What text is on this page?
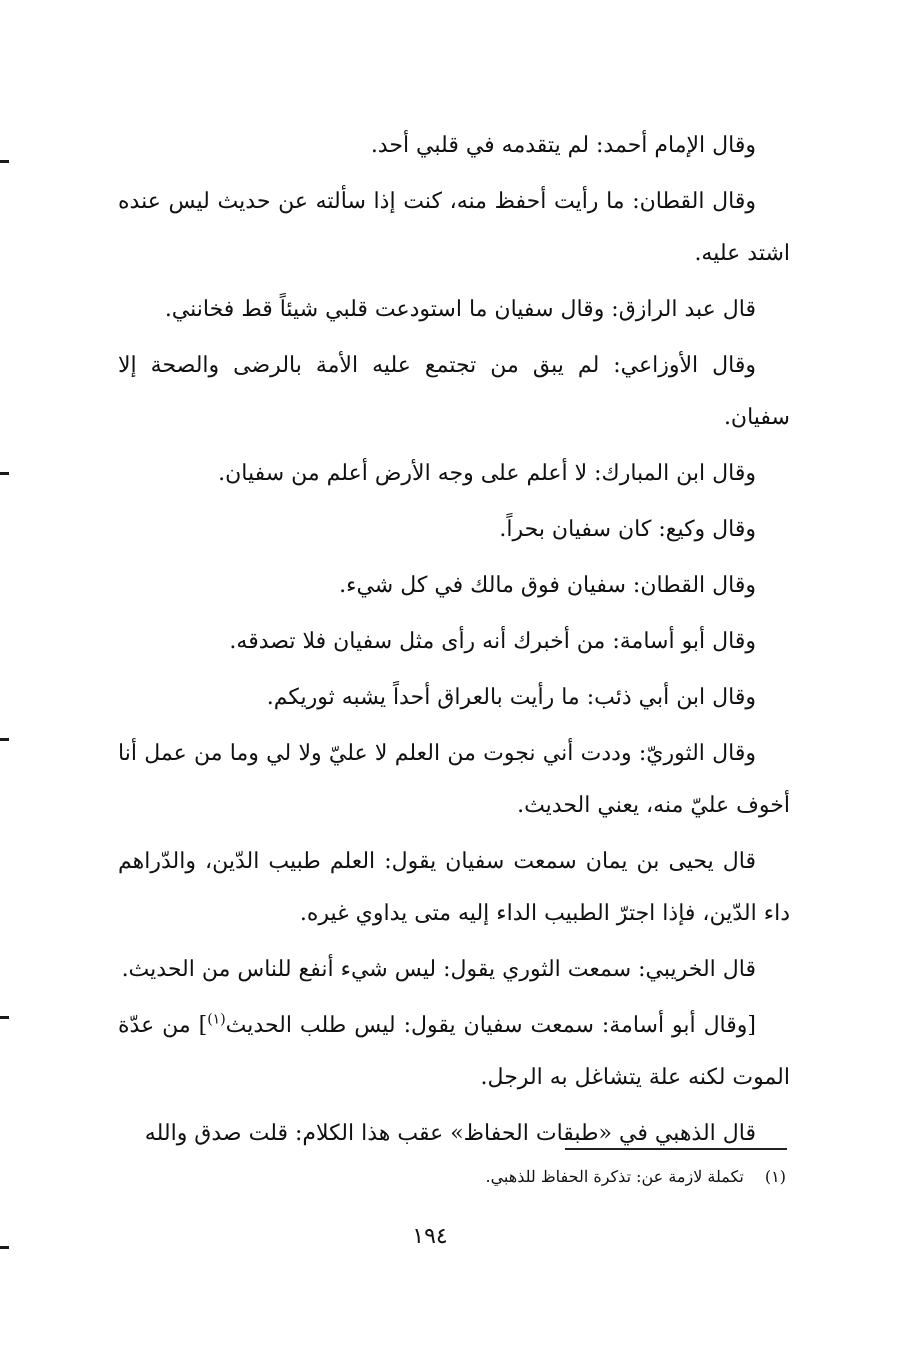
وقال الإمام أحمد: لم يتقدمه في قلبي أحد.

وقال القطان: ما رأيت أحفظ منه، كنت إذا سألته عن حديث ليس عنده اشتد عليه.

قال عبد الرازق: وقال سفيان ما استودعت قلبي شيئاً قط فخانني.

وقال الأوزاعي: لم يبق من تجتمع عليه الأمة بالرضى والصحة إلا سفيان.

وقال ابن المبارك: لا أعلم على وجه الأرض أعلم من سفيان.

وقال وكيع: كان سفيان بحراً.

وقال القطان: سفيان فوق مالك في كل شيء.

وقال أبو أسامة: من أخبرك أنه رأى مثل سفيان فلا تصدقه.

وقال ابن أبي ذئب: ما رأيت بالعراق أحداً يشبه ثوريكم.

وقال الثوريّ: وددت أني نجوت من العلم لا عليّ ولا لي وما من عمل أنا أخوف عليّ منه، يعني الحديث.

قال يحيى بن يمان سمعت سفيان يقول: العلم طبيب الدّين، والدّراهم داء الدّين، فإذا اجترّ الطبيب الداء إليه متى يداوي غيره.

قال الخريبي: سمعت الثوري يقول: ليس شيء أنفع للناس من الحديث.

[وقال أبو أسامة: سمعت سفيان يقول: ليس طلب الحديث$^{(١)}$] من عدّة الموت لكنه علة يتشاغل به الرجل.

قال الذهبي في «طبقات الحفاظ» عقب هذا الكلام: قلت صدق والله

(١) تكملة لازمة عن: تذكرة الحفاظ للذهبي.
١٩٤
